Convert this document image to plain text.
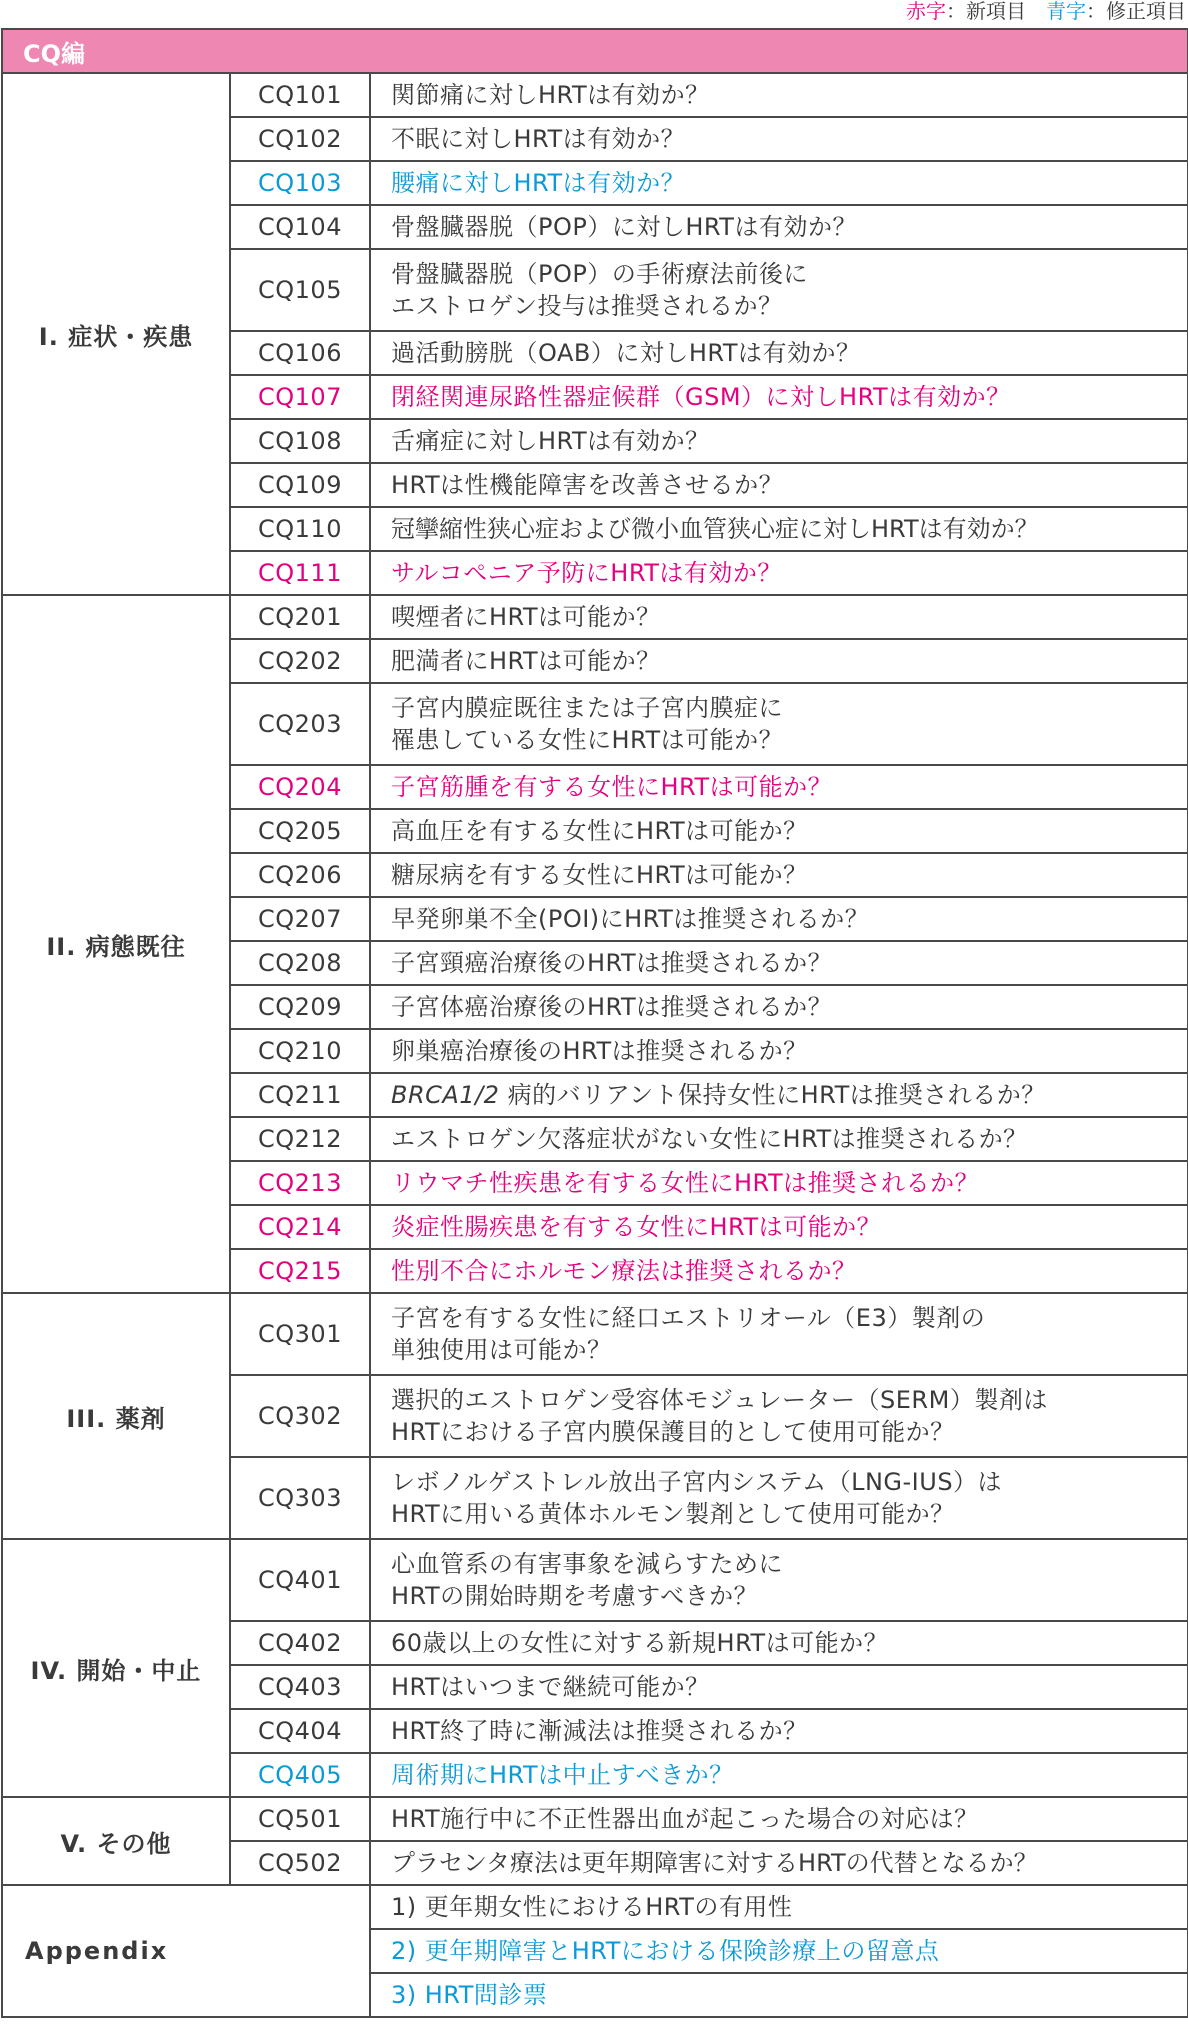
赤字：新項目 青字：修正項目
CQ編		
I. 症状・疾患	CQ101	関節痛に対しHRTは有効か？
	CQ102	不眠に対しHRTは有効か？
	CQ103	腰痛に対しHRTは有効か？
	CQ104	骨盤臓器脱（POP）に対しHRTは有効か？
	CQ105	骨盤臓器脱（POP）の手術療法前後に
エストロゲン投与は推奨されるか？

	CQ106	過活動膀胱（OAB）に対しHRTは有効か？
	CQ107	閉経関連尿路性器症候群（GSM）に対しHRTは有効か？
	CQ108	舌痛症に対しHRTは有効か？
	CQ109	HRTは性機能障害を改善させるか？
	CQ110	冠攣縮性狭心症および微小血管狭心症に対しHRTは有効か？
	CQ111	サルコペニア予防にHRTは有効か？
II. 病態既往	CQ201	喫煙者にHRTは可能か？
	CQ202	肥満者にHRTは可能か？
	CQ203	子宮内膜症既往または子宮内膜症に
罹患している女性にHRTは可能か？

	CQ204	子宮筋腫を有する女性にHRTは可能か？
	CQ205	高血圧を有する女性にHRTは可能か？
	CQ206	糖尿病を有する女性にHRTは可能か？
	CQ207	早発卵巣不全(POI)にHRTは推奨されるか？
	CQ208	子宮頸癌治療後のHRTは推奨されるか？
	CQ209	子宮体癌治療後のHRTは推奨されるか？
	CQ210	卵巣癌治療後のHRTは推奨されるか？
	CQ211	BRCA1/2 病的バリアント保持女性にHRTは推奨されるか？
	CQ212	エストロゲン欠落症状がない女性にHRTは推奨されるか？
	CQ213	リウマチ性疾患を有する女性にHRTは推奨されるか？
	CQ214	炎症性腸疾患を有する女性にHRTは可能か？
	CQ215	性別不合にホルモン療法は推奨されるか？
III. 薬剤	CQ301	子宮を有する女性に経口エストリオール（E3）製剤の
単独使用は可能か？

	CQ302	選択的エストロゲン受容体モジュレーター（SERM）製剤は
HRTにおける子宮内膜保護目的として使用可能か？

	CQ303	レボノルゲストレル放出子宮内システム（LNG-IUS）は
HRTに用いる黄体ホルモン製剤として使用可能か？

IV. 開始・中止	CQ401	心血管系の有害事象を減らすために
HRTの開始時期を考慮すべきか？

	CQ402	60歳以上の女性に対する新規HRTは可能か？
	CQ403	HRTはいつまで継続可能か？
	CQ404	HRT終了時に漸減法は推奨されるか？
	CQ405	周術期にHRTは中止すべきか？
V. その他	CQ501	HRT施行中に不正性器出血が起こった場合の対応は？
	CQ502	プラセンタ療法は更年期障害に対するHRTの代替となるか？
Appendix		1) 更年期女性におけるHRTの有用性
		2) 更年期障害とHRTにおける保険診療上の留意点
		3) HRT問診票
